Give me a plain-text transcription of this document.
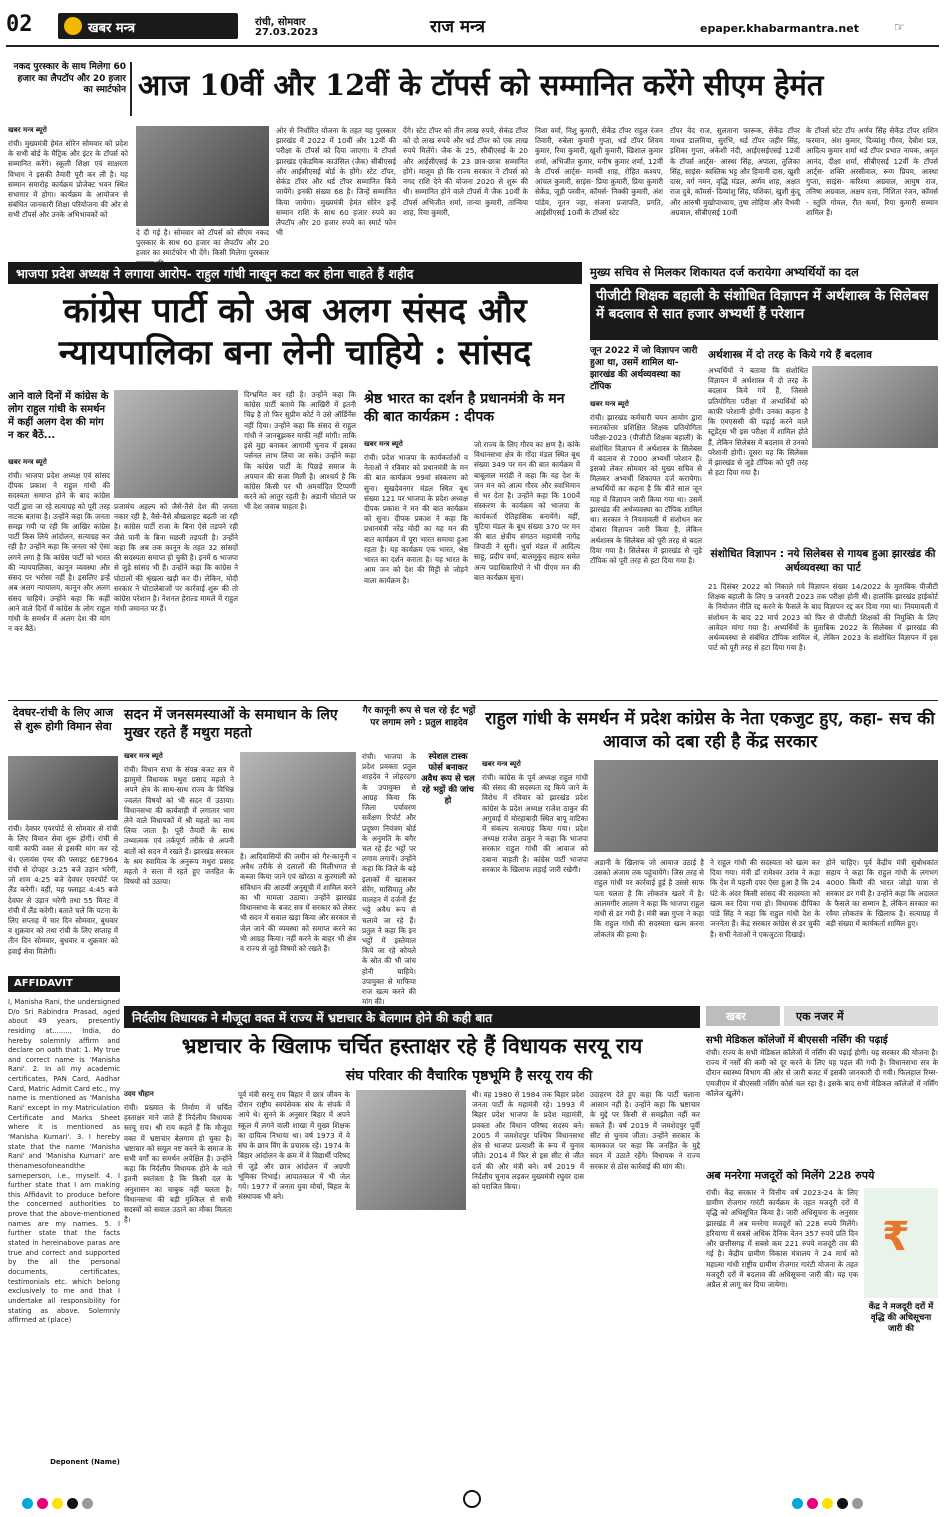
02	खबर मन्त्र	रांची, सोमवार
27.03.2023	राज मन्त्र	epaper.khabarmantra.net	☞
नकद पुरस्कार के साथ मिलेगा 60 हजार का लैपटॉप और 20 हजार का स्मार्टफोन आज 10वीं और 12वीं के टॉपर्स को सम्मानित करेंगे सीएम हेमंत
खबर मन्त्र ब्यूरो
रांची। मुख्यमंत्री हेमंत सोरेन सोमवार को प्रदेश के सभी बोर्ड के मैट्रिक और इंटर के टॉपर्स को सम्मानित करेंगे। स्कूली शिक्षा एवं साक्षरता विभाग ने इसकी तैयारी पूरी कर ली है। यह सम्मान समारोह कार्यक्रम प्रोजेक्ट भवन स्थित सभागार में होगा। कार्यक्रम के आयोजन से संबंधित जानकारी शिक्षा परियोजना की ओर से सभी टॉपर्स और उनके अभिभावकों को
दे दी गई है। सोमवार को टॉपर्स को सीएम नकद पुरस्कार के साथ 60 हजार का लैपटॉप और 20 हजार का स्मार्टफोन भी देंगे। किसी मिलेगा पुरस्कार
ओर से निर्धारित योजना के तहत यह पुरस्कार झारखंड में 2022 में 10वीं और 12वीं की परीक्षा के टॉपर्स को दिया जाएगा। ये टॉपर्स झारखंड एकेडमिक काउंसिल (जैक) सीबीएसई और आईसीएसई बोर्ड के होंगे। स्टेट टॉपर, सेकंड टॉपर और थर्ड टॉपर सम्मानित किये जायेंगे। इनकी संख्या 68 है। जिन्हें सम्मानित किया जायेगा। मुख्यमंत्री हेमंत सोरेन इन्हें सम्मान राशि के साथ 60 हजार रुपये का लैपटॉप और 20 हजार रुपये का स्मार्ट फोन भी
देंगे। स्टेट टॉपर को तीन लाख रुपये, सेकंड टॉपर को दो लाख रुपये और थर्ड टॉपर को एक लाख रुपये मिलेंगे। जैक के 25, सीबीएसई के 20 और आईसीएसई के 23 छात्र-छात्रा सम्मानित होंगे। मालूम हो कि राज्य सरकार ने टॉपर्स को नगद राशि देने की योजना 2020 से शुरू की थी। सम्मानित होने वाले टॉपर्स में जैक 10वीं के टॉपर्स अभिजीत शर्मा, तान्या कुमारी, तान्विया शाह, रिया कुमारी,
निशा वर्मा, निशु कुमारी, सेकेंड टॉपर राहुल रंजन तिवारी, रुबेला कुमारी गुप्ता, थर्ड टॉपर शिवम कुमार, रिया कुमारी, खुशी कुमारी, खिशाल कुमार शर्मा, अभिजीत कुमार, मनीष कुमार शर्मा, 12वीं के टॉपर्स आर्ट्स- मानवी शाह, रोहित कश्यप, आंचल कुमारी, साइंस- प्रिया कुमारी, प्रिया कुमारी सेकेंड, जूही परवीन, कॉमर्स- निक्की कुमारी, अंश पांडेय, नूतन ज्हा, संजना प्रजापति, प्रगति, आईसीएसई 10वीं के टॉपर्स स्टेट
टॉपर वेद राज, सुलताना फारूक, सेकेंड टॉपर माधव डालमिया, सुरभि, थर्ड टॉपर जहीर सिंह, इशिका गुप्ता, अंकेशी नंदी, आईएसईएसई 12वीं के टॉपर्स आर्ट्स- आस्था सिंह, अपाला, तुलिका सिंह, साइंस- स्वस्तिक भट्ट और हिमानी दास, खुशी दास, वर्ग नमन, वृद्धि मंडल, अर्णव शाह, अक्षत राज दुबे, कॉमर्स- दिव्यांशु सिंह, यशिका, खुशी कुंदू और आरुषी मुखोपाध्याय, तुषा लोहिया और वैभवी अग्रवाल, सीबीएसई 10वीं
के टॉपर्स स्टेट टॉप अर्णव सिंह सेकेंड टॉपर शशिन फरमान, अंश कुमार, दिव्यांशु गौरव, देबोश प्रज्ञ, आदित्य कुमार शर्मा थर्ड टॉपर प्रभात नायक, अमृत आनंद, दीक्षा शर्मा, सीबीएसई 12वीं के टॉपर्स आर्ट्स- शक्ति अरसीवाल, रूण प्रियम, आस्था गुप्ता, साइंस- करिश्मा अग्रवाल, आयुष राज, तनिषा अग्रवाल, अक्षय दत्ता, निशिता रंजन, कॉमर्स - स्तुति गोयल, रीत कर्मा, रिया कुमारी सम्मान शामिल हैं।
भाजपा प्रदेश अध्यक्ष ने लगाया आरोप- राहुल गांधी नाखून कटा कर होना चाहते हैं शहीद
कांग्रेस पार्टी को अब अलग संसद और न्यायपालिका बना लेनी चाहिये : सांसद
आने वाले दिनों में कांग्रेस के लोग राहुल गांधी के समर्थन में कहीं अलग देश की मांग न कर बैठें...
खबर मन्त्र ब्यूरो
रांची। भाजपा प्रदेश अध्यक्ष एवं सांसद दीपक प्रकाश ने राहुल गांधी की सदस्यता समाप्त होने के बाद कांग्रेस पार्टी द्वारा जा रहे सत्याग्रह को पूरी तरह नाटक बताया है। उन्होंने कहा कि जनता समझ गयी पा रही कि आखिर कांग्रेस पार्टी किस लिये आंदोलन, सत्याग्रह कर रही है? उन्होंने कहा कि जनता को ऐसा लगने लगा है कि कांग्रेस पार्टी को भारत की न्यायपालिका, कानून व्यवस्था और संसद पर भरोसा नहीं है। इसलिए इन्हें अब अलग न्यायालय, कानून और अलग संसद चाहिये। उन्होंने कहा कि कहीं आने वाले दिनों में कांग्रेस के लोग राहुल गांधी के समर्थन में अलग देश की मांग न कर बैठें।
प्रजामंच अहल्य को जैसे-तैसे देश की जनता नकार रही है, वैसे-वैसे बौखलाहट बढ़ती जा रही है। कांग्रेस पार्टी राजा के बिना ऐसे तड़पने रही जैसे पानी के बिना मछली तड़पती है। उन्होंने कहा कि अब तक कानून के तहत 32 सांसदों की सदस्यता समाप्त हो चुकी है। इनमें 6 भाजपा से जुड़े सांसद भी हैं। उन्होंने कहा कि कांग्रेस ने घोटालों की श्रृंखला खड़ी कर दी। लेकिन, मोदी सरकार ने घोटालेबाजों पर कार्रवाई शुरू की तो कांग्रेस परेशान है। नेशनल हेराल्ड मामले में राहुल गांधी जमानत पर हैं।
दिग्भ्रमित कर रही है। उन्होंने कहा कि कांग्रेस पार्टी बताये कि आखिरी में इतनी चिढ़ है तो फिर सुप्रीम कोर्ट ने उसे ऑर्डिनेंस नहीं दिया। उन्होंने कहा कि संसद से राहुल गांधी ने जानबूझकर माफी नहीं मांगी। ताकि इसे मुद्दा बनाकर आगामी चुनाव में इसका पर्सनल लाभ लिया जा सके। उन्होंने कहा कि कांग्रेस पार्टी के पिछड़े समाज के अपमान की सजा मिली है। आश्चर्य है कि कांग्रेस किसी पर भी अमर्यादित टिप्पणी करने को आतुर रहती है। अडानी घोटाले पर भी देश जवाब चाहता है।
श्रेष्ठ भारत का दर्शन है प्रधानमंत्री के मन की बात कार्यक्रम : दीपक
खबर मन्त्र ब्यूरो
रांची। प्रदेश भाजपा के कार्यकर्ताओं व नेताओं ने रविवार को प्रधानमंत्री के मन की बात कार्यक्रम 99वां संस्करण को सुना। सुखदेवनगर मंडल स्थित बूथ संख्या 121 पर भाजपा के प्रदेश अध्यक्ष दीपक प्रकाश ने मन की बात कार्यक्रम को सुना। दीपक प्रकाश ने कहा कि प्रधानमंत्री नरेंद्र मोदी का यह मन की बात कार्यक्रम में पूरा भारत समाया हुआ रहता है। यह कार्यक्रम एक भारत, श्रेष्ठ भारत का दर्शन कराता है। यह भारत के आम जन को देश की मिट्टी से जोड़ने वाला कार्यक्रम है।
जो राज्य के लिए गौरव का क्षण है। कांके विधानसभा क्षेत्र के गोंदा मंडल स्थित बूथ संख्या 349 पर मन की बात कार्यक्रम में बाबूलाल मरांडी ने कहा कि यह देश के जन मन को आत्म गौरव और स्वाभिमान से भर देता है। उन्होंने कहा कि 100वें संस्करण के कार्यक्रम को भाजपा के कार्यकर्ता ऐतिहासिक बनायेंगे। वहीं, चुटिया मंडल के बूथ संख्या 370 पर मन की बात क्षेत्रीय संगठन महामंत्री नागेंद्र त्रिपाठी ने सुनी। धुर्वा मंडल में आदित्य साहू, प्रदीप वर्मा, बालमुकुंद सहाय समेत अन्य पदाधिकारियों ने भी पीएम मन की बात कार्यक्रम सुना।
मुख्य सचिव से मिलकर शिकायत दर्ज करायेगा अभ्यर्थियों का दल
पीजीटी शिक्षक बहाली के संशोधित विज्ञापन में अर्थशास्त्र के सिलेबस में बदलाव से सात हजार अभ्यर्थी हैं परेशान
जून 2022 में जो विज्ञापन जारी हुआ था, उसमें शामिल था- झारखंड की अर्थव्यवस्था का टॉपिक
खबर मन्त्र ब्यूरो
रांची। झारखंड कर्मचारी चयन आयोग द्वारा स्नातकोत्तर प्रशिक्षित शिक्षक प्रतियोगिता परीक्षा-2023 (पीजीटी शिक्षक बहाली) के संशोधित विज्ञापन में अर्थशास्त्र के सिलेबस में बदलाव से 7000 अभ्यर्थी परेशान हैं। इसको लेकर सोमवार को मुख्य सचिव से मिलकर अभ्यर्थी शिकायत दर्ज करायेगा। अभ्यर्थियों का कहना है कि बीते साल जून माह में विज्ञापन जारी किया गया था। उसमें झारखंड की अर्थव्यवस्था का टॉपिक शामिल था। सरकार ने नियमावली में संशोधन कर दोबारा विज्ञापन जारी किया है, लेकिन अर्थशास्त्र के सिलेबस को पूरी तरह से बदल दिया गया है। सिलेबस में झारखंड से जुड़े टॉपिक को पूरी तरह से हटा दिया गया है।
अर्थशास्त्र में दो तरह के किये गये हैं बदलाव
अभ्यर्थियों ने बताया कि संशोधित विज्ञापन में अर्थशास्त्र में दो तरह के बदलाव किये गये हैं, जिससे प्रतियोगिता परीक्षा में अभ्यर्थियों को काफी परेशानी होगी। उनका कहना है कि एमएससी की पढ़ाई करने वाले स्टूडेंट्स भी इस परीक्षा में शामिल होते हैं, लेकिन सिलेबस में बदलाव से उनको परेशानी होगी। दूसरा यह कि सिलेबस में झारखंड से जुड़े टॉपिक को पूरी तरह से हटा दिया गया है।
संशोधित विज्ञापन : नये सिलेबस से गायब हुआ झारखंड की अर्थव्यवस्था का पार्ट
21 दिसंबर 2022 को निकाले गये विज्ञापन संख्या 14/2022 के मुताबिक पीजीटी शिक्षक बहाली के लिए 9 जनवरी 2023 तक परीक्षा होनी थी। हालांकि झारखंड हाईकोर्ट के नियोजन नीति रद्द करने के फैसले के बाद विज्ञापन रद्द कर दिया गया था। नियमावली में संशोधन के बाद 22 मार्च 2023 को फिर से पीजीटी शिक्षकों की नियुक्ति के लिए आवेदन मांगा गया है। अभ्यर्थियों के मुताबिक 2022 के सिलेबस में झारखंड की अर्थव्यवस्था से संबंधित टॉपिक शामिल थे, लेकिन 2023 के संशोधित विज्ञापन में इस पार्ट को पूरी तरह से हटा दिया गया है।
देवघर-रांची के लिए आज से शुरू होगी विमान सेवा
रांची। देवघर एयरपोर्ट से सोमवार से रांची के लिए विमान सेवा शुरू होगी। रांची से यात्री काफी वक्त से इसकी मांग कर रहे थे। एलायंस एयर की फ्लाइट 6E7964 रांची से दोपहर 3:25 बजे उड़ान भरेगी, जो शाम 4:25 बजे देवघर एयरपोर्ट पर लैंड करेगी। वहीं, यह फ्लाइट 4:45 बजे देवघर से उड़ान भरेगी तथा 55 मिनट में रांची में लैंड करेगी। बताते चलें कि पटना के लिए सप्ताह में चार दिन सोमवार, बुधवार व शुक्रवार को तथा रांची के लिए सप्ताह में तीन दिन सोमवार, बुधवार व शुक्रवार को हवाई सेवा मिलेगी।
AFFIDAVIT
I, Manisha Rani, the undersigned D/o Sri Rabindra Prasad, aged about 49 years, presently residing at........, India, do hereby solemnly affirm and declare on oath that: 1. My true and correct name is 'Manisha Rani'. 2. In all my academic certificates, PAN Card, Aadhar Card, Matric Admit Card etc., my name is mentioned as 'Manisha Rani' except in my Matriculation Certificate and Marks Sheet where it is mentioned as 'Manisha Kumari'. 3. I hereby state that the name 'Manisha Rani' and 'Manisha Kumari' are thenamesofoneandthe sameperson, i.e., myself. 4. I further state that I am making this Affidavit to produce before the concerned authorities to prove that the above-mentioned names are my names. 5. I further state that the facts stated in hereinabove paras are true and correct and supported by the all the personal documents, certificates, testimonials etc. which belong exclusively to me and that I undertake all responsibility for stating as above. Solemnly affirmed at (place)
Deponent (Name)
सदन में जनसमस्याओं के समाधान के लिए मुखर रहते हैं मथुरा महतो
खबर मन्त्र ब्यूरो
रांची। विधान सभा के संपन्न बजट सत्र में झामुमो विधायक मथुरा प्रसाद महतो ने अपने क्षेत्र के साथ-साथ राज्य के विभिन्न ज्वलंत विषयों को भी सदन में उठाया। विधानसभा की कार्यवाही में लगातार भाग लेने वाले विधायकों में श्री महतो का नाम लिया जाता है। पूरी तैयारी के साथ तथ्यात्मक एवं तर्कपूर्ण तरीके से अपनी बातों को सदन में रखते हैं। झारखंड सरकार के श्रम स्वामित्व के अनुरूप मथुरा प्रसाद महतो ने सत्ता में रहते हुए जनहित के विषयों को उठाया।
है। आदिवासियों की जमीन को गैर-कानूनी न अवैध तरीके से दलालों की मिलीभगत से कब्जा किया जाने एवं खोरठा व कुरमाली को संविधान की आठवीं अनुसूची में शामिल करने का भी मामला उठाया। उन्होंने झारखंड विधानसभा के बजट सत्र में सरकार को लेकर भी सदन में सवाल खड़ा किया और सरकार से जेल जाने की व्यवस्था को समाप्त करने का भी आग्रह किया। नहीं करने के बाहर भी क्षेत्र व राज्य से जुड़े विषयों को रखते हैं।
गैर कानूनी रूप से चल रहे ईंट भट्ठों पर लगाम लगे : प्रतुल शाहदेव
स्पेशल टास्क फोर्स बनाकर अवैध रूप से चल रहे भट्ठों की जांच हो
रांची। भाजपा के प्रदेश प्रवक्ता प्रतुल शाहदेव ने लोहरदगा के उपायुक्त से आग्रह किया कि जिला पर्यावरण सर्वेक्षण रिपोर्ट और प्रदूषण नियंत्रण बोर्ड के अनुमति के बगैर चल रहे ईंट भट्ठों पर लगाम लगायें। उन्होंने कहा कि जिले के बड़े इलाकों में खासकर सेरेंग, मासियातु और मालहन में दर्जनों ईंट भट्ठे अवैध रूप से चलाये जा रहे हैं। प्रतुल ने कहा कि इन भट्ठों में इस्तेमाल किये जा रहे कोयले के स्रोत की भी जांच होनी चाहिये। उपायुक्त से माफिया राज खत्म करने की मांग की।
राहुल गांधी के समर्थन में प्रदेश कांग्रेस के नेता एकजुट हुए, कहा- सच की आवाज को दबा रही है केंद्र सरकार
खबर मन्त्र ब्यूरो
रांची। कांग्रेस के पूर्व अध्यक्ष राहुल गांधी की संसद की सदस्यता रद्द किये जाने के विरोध में रविवार को झारखंड प्रदेश कांग्रेस के प्रदेश अध्यक्ष राजेश ठाकुर की अगुवाई में मोरहाबादी स्थित बापू वाटिका में संकल्प सत्याग्रह किया गया। प्रदेश अध्यक्ष राजेश ठाकुर ने कहा कि भाजपा सरकार राहुल गांधी की आवाज को दबाना चाहती है। कांग्रेस पार्टी भाजपा सरकार के खिलाफ लड़ाई जारी रखेगी।
अडानी के खिलाफ जो आवाज उठाई है उसको अंजाम तक पहुंचायेंगे। जिस तरह से राहुल गांधी पर कार्रवाई हुई है उससे साफ पता चलता है कि लोकतंत्र खतरे में है। आलमगीर आलम ने कहा कि भाजपा राहुल गांधी से डर गयी है। मंत्री बन्ना गुप्ता ने कहा कि राहुल गांधी की सदस्यता खत्म करना लोकतंत्र की हत्या है।
ने राहुल गांधी की सदस्यता को खत्म कर दिया गया। मंत्री डॉ रामेश्वर उरांव ने कहा कि देश में पहली दफा ऐसा हुआ है कि 24 घंटे के अंदर किसी सांसद की सदस्यता को खत्म कर दिया गया हो। विधायक दीपिका पांडे सिंह ने कहा कि राहुल गांधी देश के जननेता हैं। केंद्र सरकार कांग्रेस से डर चुकी है। सभी नेताओं ने एकजुटता दिखाई।
होने चाहिए। पूर्व केंद्रीय मंत्री सुबोधकांत सहाय ने कहा कि राहुल गांधी के लगभग 4000 किमी की भारत जोड़ो यात्रा से सरकार डर गयी है। उन्होंने कहा कि अदालत के फैसले का सम्मान है, लेकिन सरकार का रवैया लोकतंत्र के खिलाफ है। सत्याग्रह में बड़ी संख्या में कार्यकर्ता शामिल हुए।
निर्दलीय विधायक ने मौजूदा वक्त में राज्य में भ्रष्टाचार के बेलगाम होने की कही बात
भ्रष्टाचार के खिलाफ चर्चित हस्ताक्षर रहे हैं विधायक सरयू राय
संघ परिवार की वैचारिक पृष्ठभूमि है सरयू राय की
उदय चौहान
रांची। प्रख्यात के निर्माण में चर्चित हस्ताक्षर माने जाते हैं निर्दलीय विधायक सरयू राय। श्री राय कहते हैं कि मौजूदा वक्त में भ्रष्टाचार बेलगाम हो चुका है। भ्रष्टाचार को समूल नष्ट करने के समाज के सभी वर्गों का समर्थन अपेक्षित है। उन्होंने कहा कि निर्दलीय विधायक होने के नाते इतनी स्वतंत्रता है कि किसी दल के अनुशासन का चाबुक नहीं चलता है। विधानसभा की बड़ी मुश्किल से सभी सदस्यों को सवाल उठाने का मौका मिलता है।
पूर्व मंत्री सरयू राय बिहार में छात्र जीवन के दौरान राष्ट्रीय स्वयंसेवक संघ के संपर्क में आये थे। सुनने के अनुसार बिहार में अपने स्कूल में लगने वाली शाखा में मुख्य शिक्षक का दायित्व निभाया था। वर्ष 1973 में वे संघ के छात्र विंग के प्रचारक रहे। 1974 के बिहार आंदोलन के क्रम में वे विद्यार्थी परिषद से जुड़े और छात्र आंदोलन में अग्रणी भूमिका निभाई। आपातकाल में भी जेल गये। 1977 में जनता युवा मोर्चा, बिहार के संस्थापक भी बने।
थी। वह 1980 से 1984 तक बिहार प्रदेश जनता पार्टी के महामंत्री रहे। 1993 में बिहार प्रदेश भाजपा के प्रदेश महामंत्री, प्रवक्ता और विधान परिषद सदस्य बने। 2005 में जमशेदपुर पश्चिम विधानसभा क्षेत्र से भाजपा प्रत्याशी के रूप में चुनाव जीते। 2014 में फिर से इस सीट से जीत दर्ज की और मंत्री बने। वर्ष 2019 में निर्दलीय चुनाव लड़कर मुख्यमंत्री रघुवर दास को पराजित किया।
उदाहरण देते हुए कहा कि पार्टी चलाना आसान नहीं है। उन्होंने कहा कि भ्रष्टाचार के मुद्दे पर किसी से समझौता नहीं कर सकते हैं। वर्ष 2019 में जमशेदपुर पूर्वी सीट से चुनाव जीता। उन्होंने सरकार के कामकाज पर कहा कि जनहित के मुद्दे सदन में उठाते रहेंगे। विधायक ने राज्य सरकार से ठोस कार्रवाई की मांग की।
खबर	एक नजर में
सभी मेडिकल कॉलेजों में बीएससी नर्सिंग की पढ़ाई
रांची। राज्य के सभी मेडिकल कॉलेजों में नर्सिंग की पढ़ाई होगी। यह सरकार की योजना है। राज्य में नर्सों की कमी को दूर करने के लिए यह पहल की गयी है। विधानसभा सत्र के दौरान स्वास्थ्य विभाग की ओर से जारी बजट में इसकी जानकारी दी गयी। फिलहाल रिम्स-एमजीएम में बीएससी नर्सिंग कोर्स चल रहा है। इसके बाद सभी मेडिकल कॉलेजों में नर्सिंग कॉलेज खुलेंगे।
अब मनरेगा मजदूरों को मिलेंगे 228 रुपये
रांची। केंद्र सरकार ने वित्तीय वर्ष 2023-24 के लिए ग्रामीण रोजगार गारंटी कार्यक्रम के तहत मजदूरी दरों में वृद्धि को अधिसूचित किया है। जारी अधिसूचना के अनुसार झारखंड में अब मनरेगा मजदूरों को 228 रुपये मिलेंगे। हरियाणा में सबसे अधिक दैनिक वेतन 357 रुपये प्रति दिन और छत्तीसगढ़ में सबसे कम 221 रुपये मजदूरी तय की गई है। केंद्रीय ग्रामीण विकास मंत्रालय ने 24 मार्च को महात्मा गांधी राष्ट्रीय ग्रामीण रोजगार गारंटी योजना के तहत मजदूरी दरों में बदलाव की अधिसूचना जारी की। यह एक अप्रैल से लागू कर दिया जायेगा।
₹
केंद्र ने मजदूरी दरों में वृद्धि की अधिसूचना जारी की
